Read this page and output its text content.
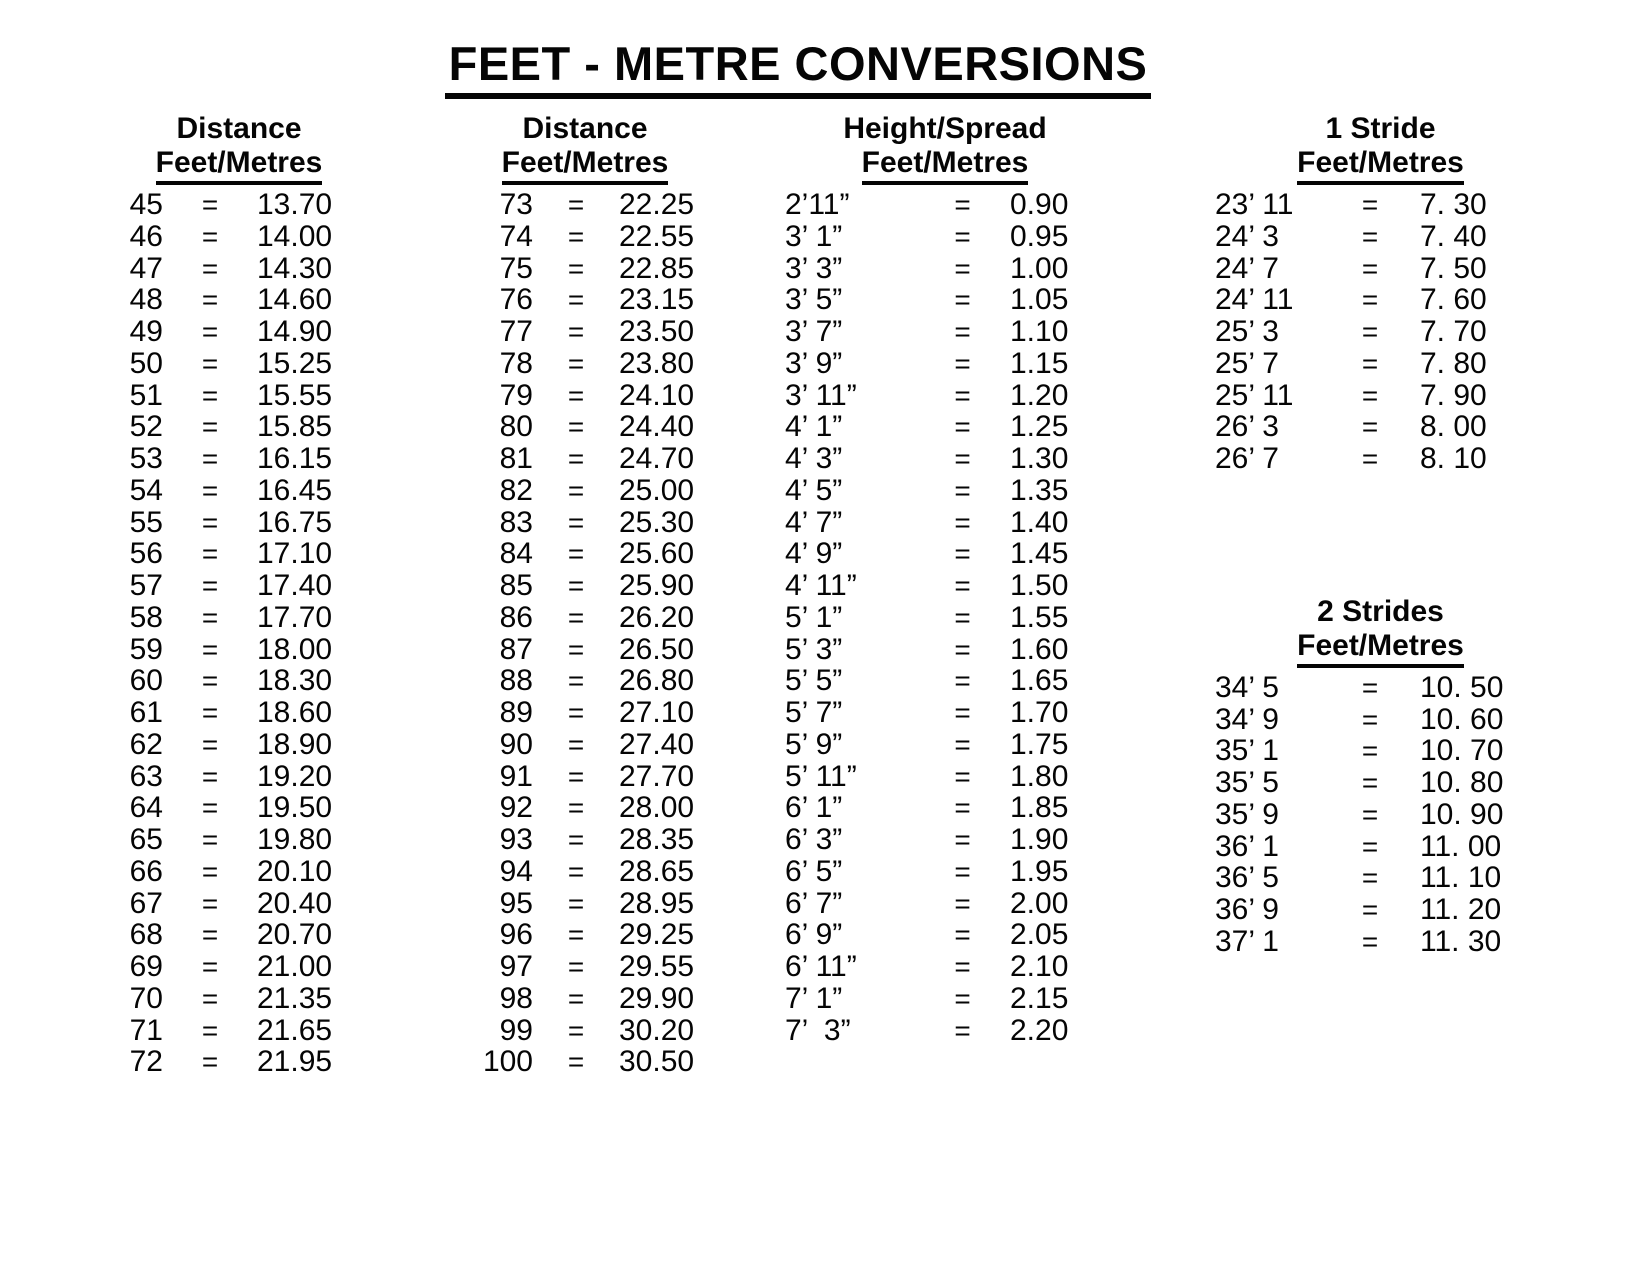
FEET - METRE CONVERSIONS
Distance
Feet/Metres
45	=	13.70
46	=	14.00
47	=	14.30
48	=	14.60
49	=	14.90
50	=	15.25
51	=	15.55
52	=	15.85
53	=	16.15
54	=	16.45
55	=	16.75
56	=	17.10
57	=	17.40
58	=	17.70
59	=	18.00
60	=	18.30
61	=	18.60
62	=	18.90
63	=	19.20
64	=	19.50
65	=	19.80
66	=	20.10
67	=	20.40
68	=	20.70
69	=	21.00
70	=	21.35
71	=	21.65
72	=	21.95
Distance
Feet/Metres
73	=	22.25
74	=	22.55
75	=	22.85
76	=	23.15
77	=	23.50
78	=	23.80
79	=	24.10
80	=	24.40
81	=	24.70
82	=	25.00
83	=	25.30
84	=	25.60
85	=	25.90
86	=	26.20
87	=	26.50
88	=	26.80
89	=	27.10
90	=	27.40
91	=	27.70
92	=	28.00
93	=	28.35
94	=	28.65
95	=	28.95
96	=	29.25
97	=	29.55
98	=	29.90
99	=	30.20
100	=	30.50
Height/Spread
Feet/Metres
2’11”	=	0.90
3’ 1”	=	0.95
3’ 3”	=	1.00
3’ 5”	=	1.05
3’ 7”	=	1.10
3’ 9”	=	1.15
3’ 11”	=	1.20
4’ 1”	=	1.25
4’ 3”	=	1.30
4’ 5”	=	1.35
4’ 7”	=	1.40
4’ 9”	=	1.45
4’ 11”	=	1.50
5’ 1”	=	1.55
5’ 3”	=	1.60
5’ 5”	=	1.65
5’ 7”	=	1.70
5’ 9”	=	1.75
5’ 11”	=	1.80
6’ 1”	=	1.85
6’ 3”	=	1.90
6’ 5”	=	1.95
6’ 7”	=	2.00
6’ 9”	=	2.05
6’ 11”	=	2.10
7’ 1”	=	2.15
7’  3”	=	2.20
1 Stride
Feet/Metres
23’ 11	=	7. 30
24’ 3	=	7. 40
24’ 7	=	7. 50
24’ 11	=	7. 60
25’ 3	=	7. 70
25’ 7	=	7. 80
25’ 11	=	7. 90
26’ 3	=	8. 00
26’ 7	=	8. 10
2 Strides
Feet/Metres
34’ 5	=	10. 50
34’ 9	=	10. 60
35’ 1	=	10. 70
35’ 5	=	10. 80
35’ 9	=	10. 90
36’ 1	=	11. 00
36’ 5	=	11. 10
36’ 9	=	11. 20
37’ 1	=	11. 30
